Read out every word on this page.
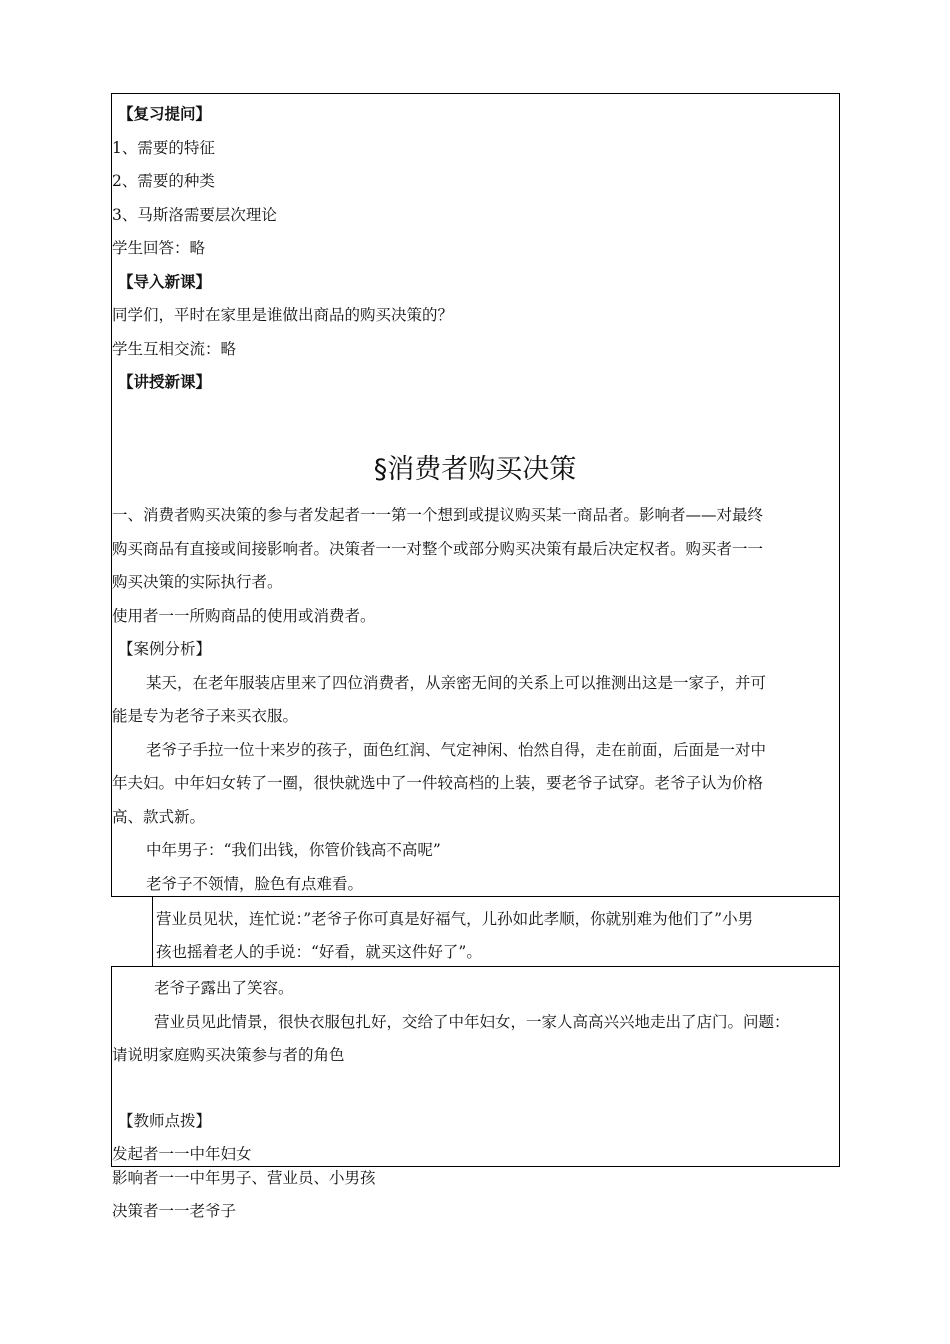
【复习提问】
1、需要的特征
2、需要的种类
3、马斯洛需要层次理论
学生回答：略
【导入新课】
同学们，平时在家里是谁做出商品的购买决策的？
学生互相交流：略
【讲授新课】
§消费者购买决策
一、消费者购买决策的参与者发起者一一第一个想到或提议购买某一商品者。影响者——对最终
购买商品有直接或间接影响者。决策者一一对整个或部分购买决策有最后决定权者。购买者一一
购买决策的实际执行者。
使用者一一所购商品的使用或消费者。
【案例分析】
某天，在老年服装店里来了四位消费者，从亲密无间的关系上可以推测出这是一家子，并可
能是专为老爷子来买衣服。
老爷子手拉一位十来岁的孩子，面色红润、气定神闲、怡然自得，走在前面，后面是一对中
年夫妇。中年妇女转了一圈，很快就选中了一件较高档的上装，要老爷子试穿。老爷子认为价格
高、款式新。
中年男子：“我们出钱，你管价钱高不高呢”
老爷子不领情，脸色有点难看。
营业员见状，连忙说：”老爷子你可真是好福气，儿孙如此孝顺，你就别难为他们了”小男
孩也摇着老人的手说：“好看，就买这件好了”。
老爷子露出了笑容。
营业员见此情景，很快衣服包扎好，交给了中年妇女，一家人高高兴兴地走出了店门。问题：
请说明家庭购买决策参与者的角色
【教师点拨】
发起者一一中年妇女
影响者一一中年男子、营业员、小男孩
决策者一一老爷子
